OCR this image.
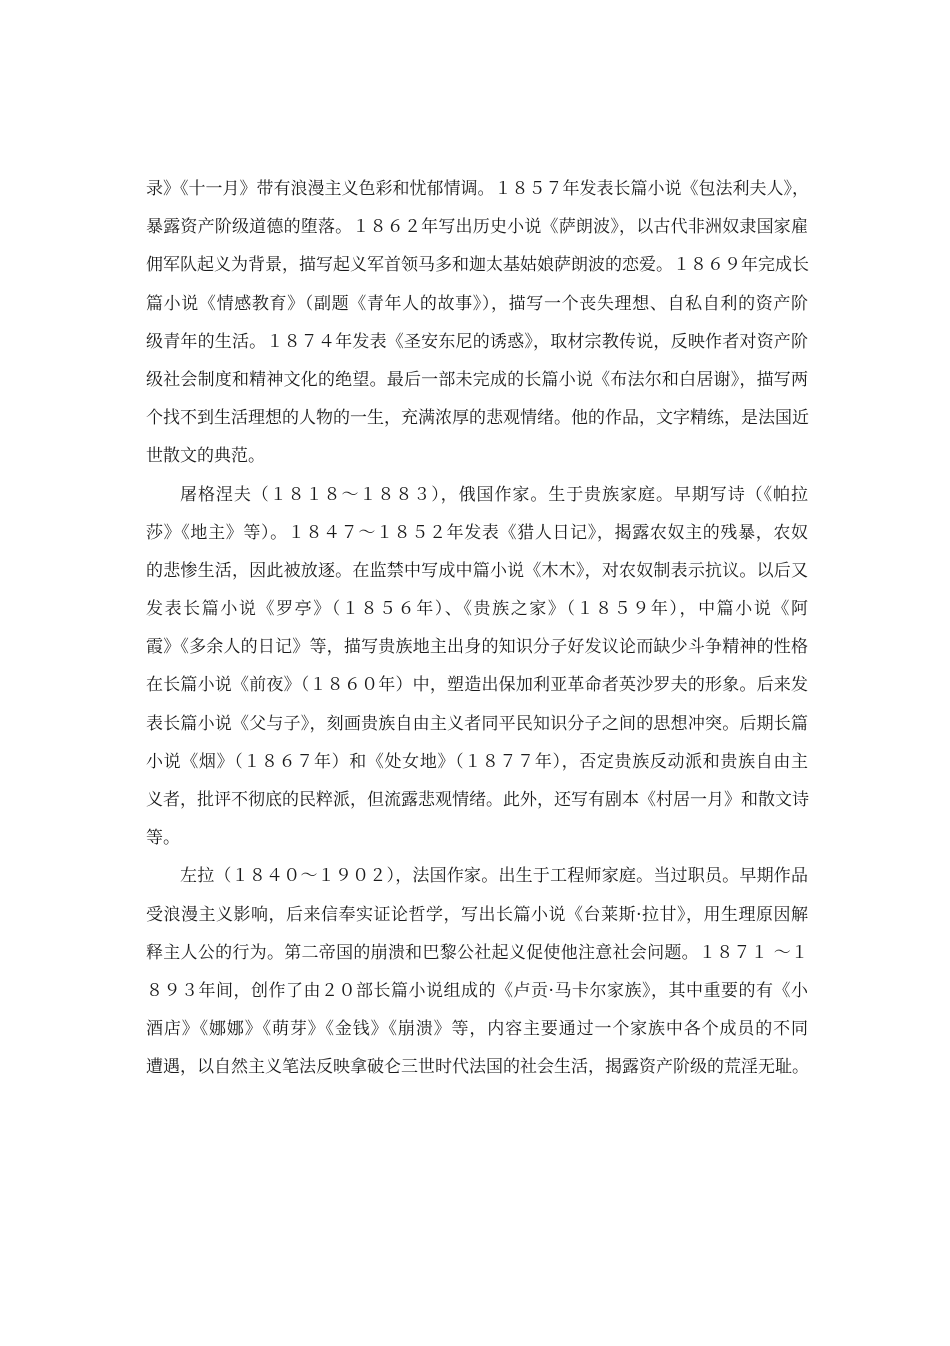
录》《十一月》带有浪漫主义色彩和忧郁情调。１８５７年发表长篇小说《包法利夫人》，
暴露资产阶级道德的堕落。１８６２年写出历史小说《萨朗波》，以古代非洲奴隶国家雇
佣军队起义为背景，描写起义军首领马多和迦太基姑娘萨朗波的恋爱。１８６９年完成长
篇小说《情感教育》（副题《青年人的故事》），描写一个丧失理想、自私自利的资产阶
级青年的生活。１８７４年发表《圣安东尼的诱惑》，取材宗教传说，反映作者对资产阶
级社会制度和精神文化的绝望。最后一部未完成的长篇小说《布法尔和白居谢》，描写两
个找不到生活理想的人物的一生，充满浓厚的悲观情绪。他的作品，文字精练，是法国近
世散文的典范。
屠格涅夫（１８１８～１８８３），俄国作家。生于贵族家庭。早期写诗（《帕拉
莎》《地主》等）。１８４７～１８５２年发表《猎人日记》，揭露农奴主的残暴，农奴
的悲惨生活，因此被放逐。在监禁中写成中篇小说《木木》，对农奴制表示抗议。以后又
发表长篇小说《罗亭》（１８５６年）、《贵族之家》（１８５９年），中篇小说《阿
霞》《多余人的日记》等，描写贵族地主出身的知识分子好发议论而缺少斗争精神的性格
在长篇小说《前夜》（１８６０年）中，塑造出保加利亚革命者英沙罗夫的形象。后来发
表长篇小说《父与子》，刻画贵族自由主义者同平民知识分子之间的思想冲突。后期长篇
小说《烟》（１８６７年）和《处女地》（１８７７年），否定贵族反动派和贵族自由主
义者，批评不彻底的民粹派，但流露悲观情绪。此外，还写有剧本《村居一月》和散文诗
等。
左拉（１８４０～１９０２），法国作家。出生于工程师家庭。当过职员。早期作品
受浪漫主义影响，后来信奉实证论哲学，写出长篇小说《台莱斯·拉甘》，用生理原因解
释主人公的行为。第二帝国的崩溃和巴黎公社起义促使他注意社会问题。１８７１ ～１
８９３年间，创作了由２０部长篇小说组成的《卢贡·马卡尔家族》，其中重要的有《小
酒店》《娜娜》《萌芽》《金钱》《崩溃》等，内容主要通过一个家族中各个成员的不同
遭遇，以自然主义笔法反映拿破仑三世时代法国的社会生活，揭露资产阶级的荒淫无耻。
